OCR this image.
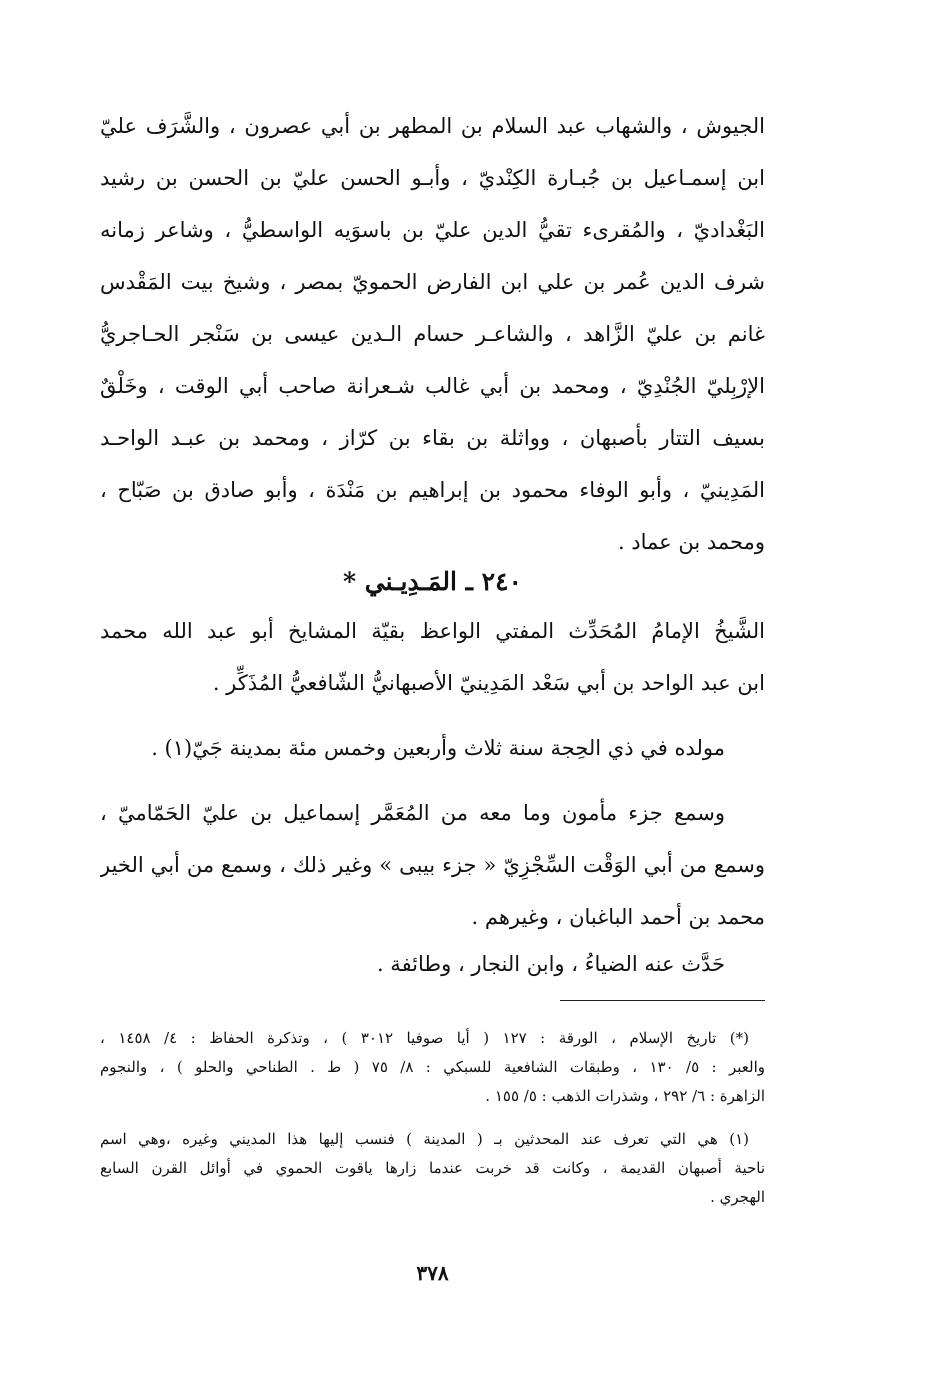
الجيوش ، والشهاب عبد السلام بن المطهر بن أبي عصرون ، والشَّرَف عليّ
ابن إسمـاعيل بن جُبـارة الكِنْديّ ، وأبـو الحسن عليّ بن الحسن بن رشيد
البَغْداديّ ، والمُقرىء تقيُّ الدين عليّ بن باسوَيه الواسطيُّ ، وشاعر زمانه
شرف الدين عُمر بن علي ابن الفارض الحمويّ بمصر ، وشيخ بيت المَقْدس
غانم بن عليّ الزَّاهد ، والشاعـر حسام الـدين عيسى بن سَنْجر الحـاجريُّ
الإرْبِليّ الجُنْدِيّ ، ومحمد بن أبي غالب شـعرانة صاحب أبي الوقت ، وخَلْقٌ
بسيف التتار بأصبهان ، وواثلة بن بقاء بن كرّاز ، ومحمد بن عبـد الواحـد
المَدِينيّ ، وأبو الوفاء محمود بن إبراهيم بن مَنْدَة ، وأبو صادق بن صَبّاح ،
ومحمد بن عماد .
٢٤٠ ـ المَـدِيـني *
الشَّيخُ الإمامُ المُحَدِّث المفتي الواعظ بقيّة المشايخ أبو عبد الله محمد
ابن عبد الواحد بن أبي سَعْد المَدِينيّ الأصبهانيُّ الشّافعيُّ المُذَكِّر .
مولده في ذي الحِجة سنة ثلاث وأربعين وخمس مئة بمدينة جَيّ(١) .
وسمع جزء مأمون وما معه من المُعَمَّر إسماعيل بن عليّ الحَمّاميّ ،
وسمع من أبي الوَقْت السِّجْزِيّ « جزء بيبى » وغير ذلك ، وسمع من أبي الخير
محمد بن أحمد الباغبان ، وغيرهم .
حَدَّث عنه الضياءُ ، وابن النجار ، وطائفة .
(*) تاريخ الإسلام ، الورقة : ١٢٧ ( أيا صوفيا ٣٠١٢ ) ، وتذكرة الحفاظ : ٤/ ١٤٥٨ ،
والعبر : ٥/ ١٣٠ ، وطبقات الشافعية للسبكي : ٨/ ٧٥ ( ط . الطناحي والحلو ) ، والنجوم
الزاهرة : ٦/ ٢٩٢ ، وشذرات الذهب : ٥/ ١٥٥ .
(١) هي التي تعرف عند المحدثين بـ ( المدينة ) فنسب إليها هذا المديني وغيره ،وهي اسم
ناحية أصبهان القديمة ، وكانت قد خربت عندما زارها ياقوت الحموي في أوائل القرن السابع
الهجري .
٣٧٨
